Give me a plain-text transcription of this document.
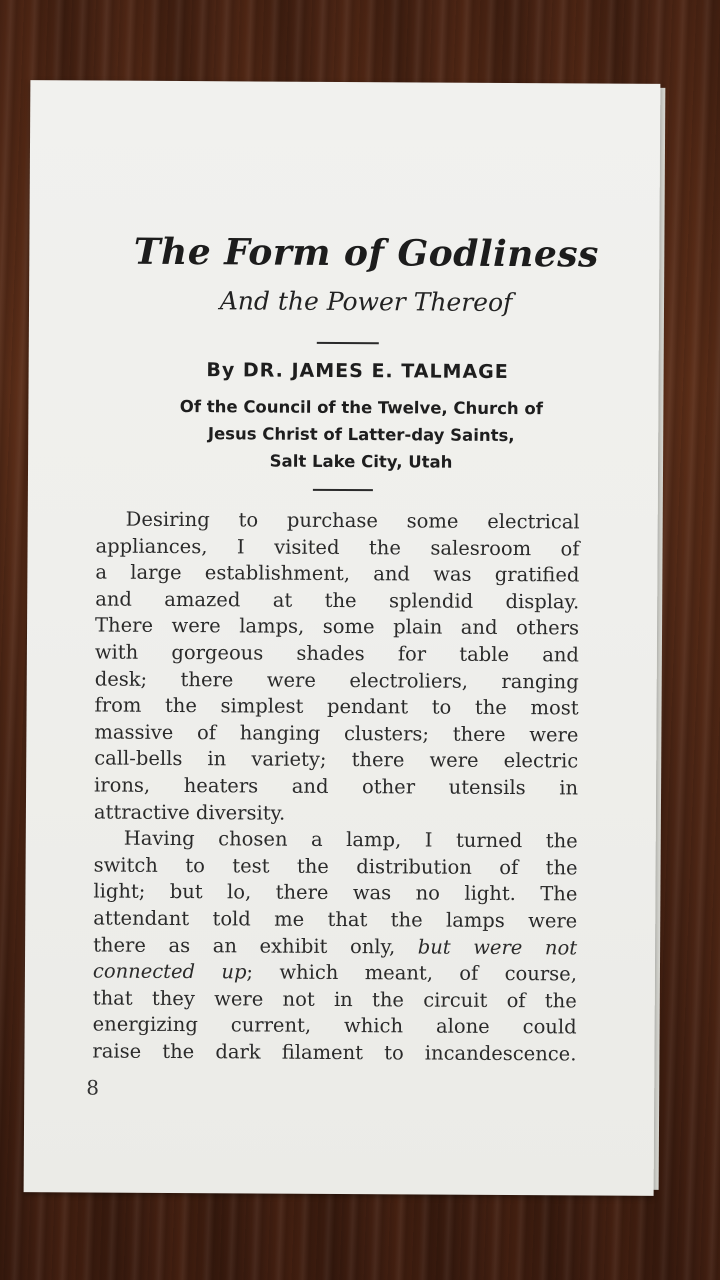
The Form of Godliness
And the Power Thereof
By DR. JAMES E. TALMAGE
Of the Council of the Twelve, Church of
Jesus Christ of Latter-day Saints,
Salt Lake City, Utah
Desiring to purchase some electrical
appliances, I visited the salesroom of
a large establishment, and was gratified
and amazed at the splendid display.
There were lamps, some plain and others
with gorgeous shades for table and
desk; there were electroliers, ranging
from the simplest pendant to the most
massive of hanging clusters; there were
call-bells in variety; there were electric
irons, heaters and other utensils in
attractive diversity.
Having chosen a lamp, I turned the
switch to test the distribution of the
light; but lo, there was no light. The
attendant told me that the lamps were
there as an exhibit only, but were not
connected up; which meant, of course,
that they were not in the circuit of the
energizing current, which alone could
raise the dark filament to incandescence.
8
